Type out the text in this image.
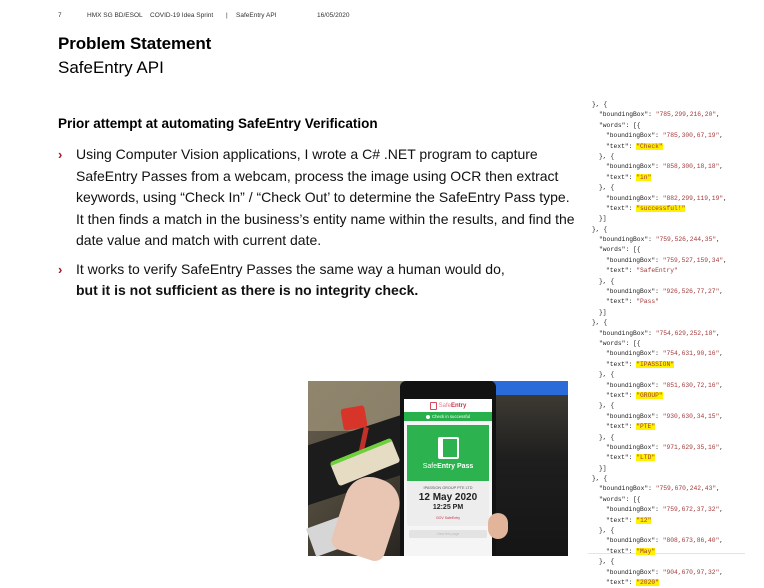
7	HMX SG BD/ESOL COVID-19 Idea Sprint | SafeEntry API	16/05/2020
Problem Statement
SafeEntry API
Prior attempt at automating SafeEntry Verification
› Using Computer Vision applications, I wrote a C# .NET program to capture SafeEntry Passes from a webcam, process the image using OCR then extract keywords, using “Check In” / “Check Out’ to determine the SafeEntry Pass type. It then finds a match in the business’s entity name within the results, and find the date value and match with current date.
› It works to verify SafeEntry Passes the same way a human would do,
but it is not sufficient as there is no integrity check.
Safe Entry
Check in successful
SafeEntry Pass
IPASSION GROUP PTE LTD
12 May 2020
12:25 PM
GOV SafeEntry
View this page
}, {
"boundingBox": "785,299,216,20",
"words": [{
"boundingBox": "785,300,67,19",
"text": "Check"
}, {
"boundingBox": "858,300,18,18",
"text": "in"
}, {
"boundingBox": "882,299,119,19",
"text": "successful!"
}]
}, {
"boundingBox": "759,526,244,35",
"words": [{
"boundingBox": "759,527,159,34",
"text": "SafeEntry"
}, {
"boundingBox": "926,526,77,27",
"text": "Pass"
}]
}, {
"boundingBox": "754,629,252,18",
"words": [{
"boundingBox": "754,631,90,16",
"text": "IPASSION"
}, {
"boundingBox": "851,630,72,16",
"text": "GROUP"
}, {
"boundingBox": "930,630,34,15",
"text": "PTE"
}, {
"boundingBox": "971,629,35,16",
"text": "LTD"
}]
}, {
"boundingBox": "759,670,242,43",
"words": [{
"boundingBox": "759,672,37,32",
"text": "12"
}, {
"boundingBox": "808,673,86,40",
"text": "May"
}, {
"boundingBox": "904,670,97,32",
"text": "2020"
